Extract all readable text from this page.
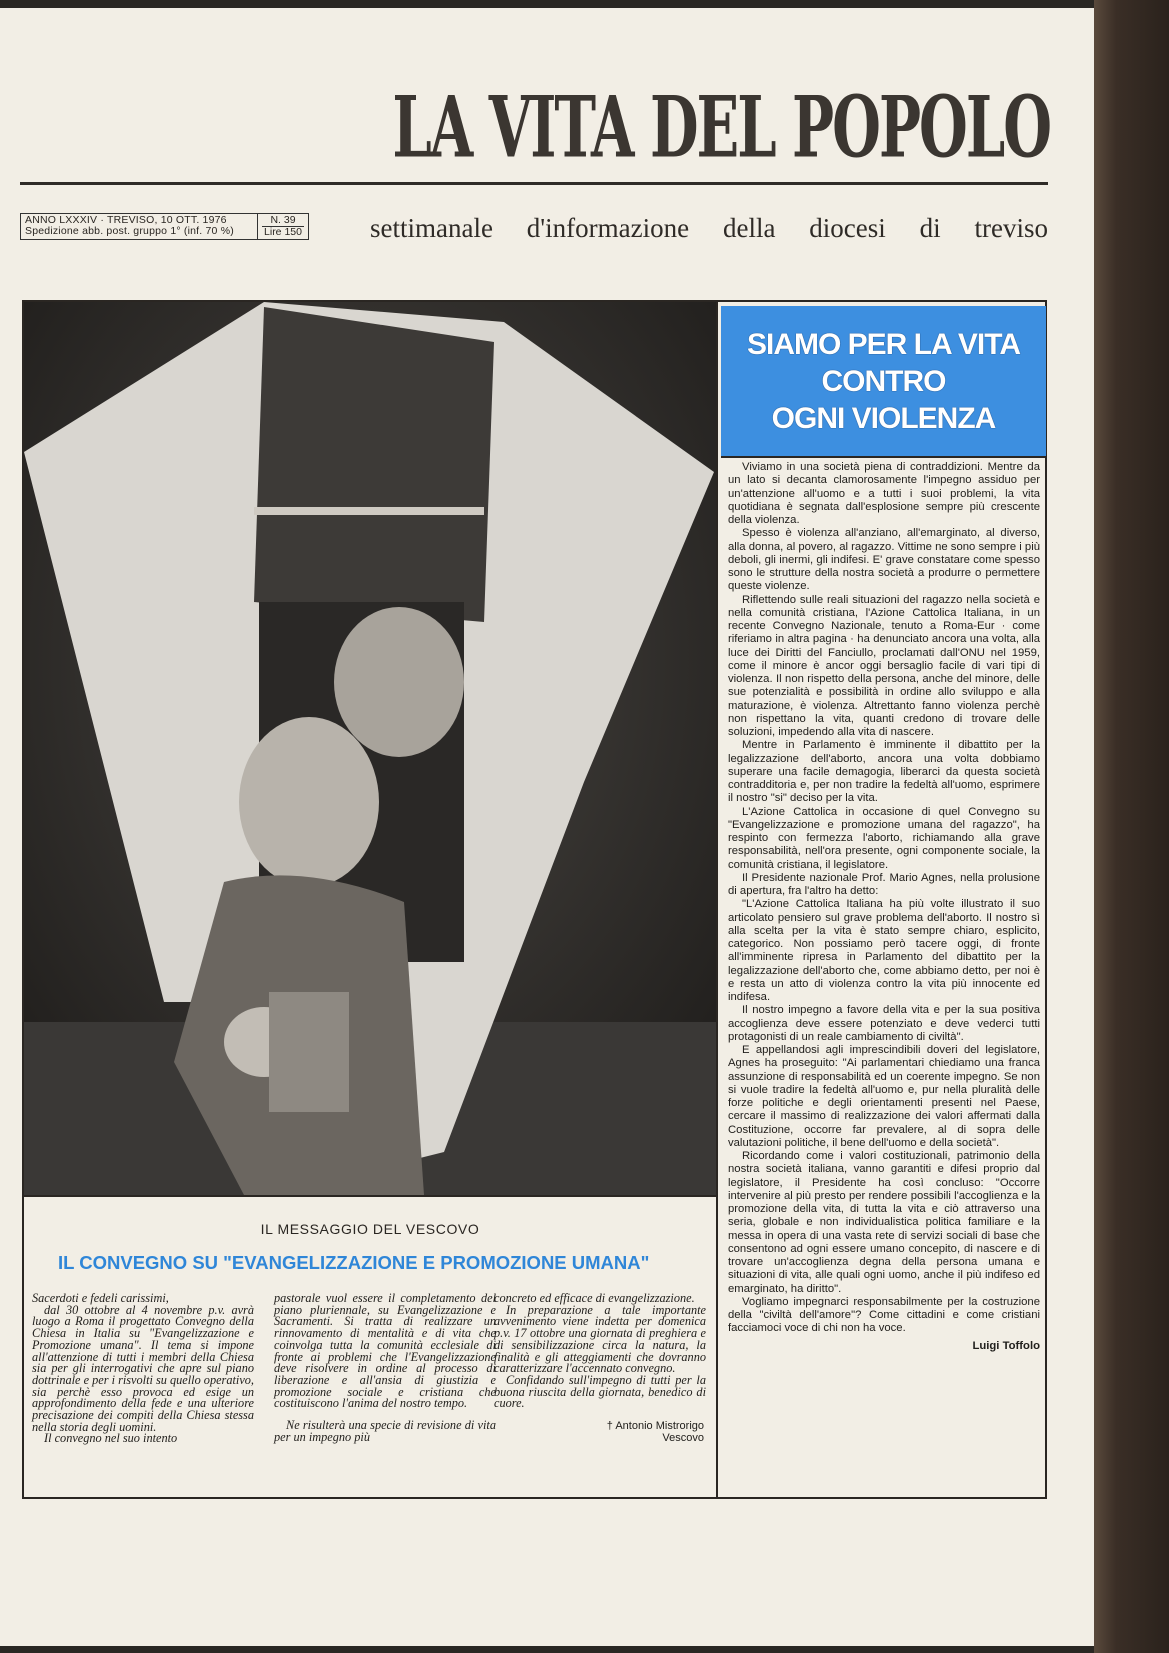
LA VITA DEL POPOLO
ANNO LXXXIV · TREVISO, 10 OTT. 1976
Spedizione abb. post. gruppo 1° (inf. 70 %)
N. 39
Lire 150	settimanale d'informazione della diocesi di treviso
SIAMO PER LA VITA
CONTRO
OGNI VIOLENZA

Viviamo in una società piena di contraddizioni. Mentre da un lato si decanta clamorosamente l'impegno assiduo per un'attenzione all'uomo e a tutti i suoi problemi, la vita quotidiana è segnata dall'esplosione sempre più crescente della violenza.

Spesso è violenza all'anziano, all'emarginato, al diverso, alla donna, al povero, al ragazzo. Vittime ne sono sempre i più deboli, gli inermi, gli indifesi. E' grave constatare come spesso sono le strutture della nostra società a produrre o permettere queste violenze.

Riflettendo sulle reali situazioni del ragazzo nella società e nella comunità cristiana, l'Azione Cattolica Italiana, in un recente Convegno Nazionale, tenuto a Roma-Eur · come riferiamo in altra pagina · ha denunciato ancora una volta, alla luce dei Diritti del Fanciullo, proclamati dall'ONU nel 1959, come il minore è ancor oggi bersaglio facile di vari tipi di violenza. Il non rispetto della persona, anche del minore, delle sue potenzialità e possibilità in ordine allo sviluppo e alla maturazione, è violenza. Altrettanto fanno violenza perchè non rispettano la vita, quanti credono di trovare delle soluzioni, impedendo alla vita di nascere.

Mentre in Parlamento è imminente il dibattito per la legalizzazione dell'aborto, ancora una volta dobbiamo superare una facile demagogia, liberarci da questa società contradditoria e, per non tradire la fedeltà all'uomo, esprimere il nostro "si" deciso per la vita.

L'Azione Cattolica in occasione di quel Convegno su "Evangelizzazione e promozione umana del ragazzo", ha respinto con fermezza l'aborto, richiamando alla grave responsabilità, nell'ora presente, ogni componente sociale, la comunità cristiana, il legislatore.

Il Presidente nazionale Prof. Mario Agnes, nella prolusione di apertura, fra l'altro ha detto:

"L'Azione Cattolica Italiana ha più volte illustrato il suo articolato pensiero sul grave problema dell'aborto. Il nostro sì alla scelta per la vita è stato sempre chiaro, esplicito, categorico. Non possiamo però tacere oggi, di fronte all'imminente ripresa in Parlamento del dibattito per la legalizzazione dell'aborto che, come abbiamo detto, per noi è e resta un atto di violenza contro la vita più innocente ed indifesa.

Il nostro impegno a favore della vita e per la sua positiva accoglienza deve essere potenziato e deve vederci tutti protagonisti di un reale cambiamento di civiltà".

E appellandosi agli imprescindibili doveri del legislatore, Agnes ha proseguito: "Ai parlamentari chiediamo una franca assunzione di responsabilità ed un coerente impegno. Se non si vuole tradire la fedeltà all'uomo e, pur nella pluralità delle forze politiche e degli orientamenti presenti nel Paese, cercare il massimo di realizzazione dei valori affermati dalla Costituzione, occorre far prevalere, al di sopra delle valutazioni politiche, il bene dell'uomo e della società".

Ricordando come i valori costituzionali, patrimonio della nostra società italiana, vanno garantiti e difesi proprio dal legislatore, il Presidente ha così concluso: "Occorre intervenire al più presto per rendere possibili l'accoglienza e la promozione della vita, di tutta la vita e ciò attraverso una seria, globale e non individualistica politica familiare e la messa in opera di una vasta rete di servizi sociali di base che consentono ad ogni essere umano concepito, di nascere e di trovare un'accoglienza degna della persona umana e situazioni di vita, alle quali ogni uomo, anche il più indifeso ed emarginato, ha diritto".

Vogliamo impegnarci responsabilmente per la costruzione della "civiltà dell'amore"? Come cittadini e come cristiani facciamoci voce di chi non ha voce.

Luigi Toffolo
IL MESSAGGIO DEL VESCOVO
IL CONVEGNO SU "EVANGELIZZAZIONE E PROMOZIONE UMANA"

Sacerdoti e fedeli carissimi,

dal 30 ottobre al 4 novembre p.v. avrà luogo a Roma il progettato Convegno della Chiesa in Italia su "Evangelizzazione e Promozione umana". Il tema si impone all'attenzione di tutti i membri della Chiesa sia per gli interrogativi che apre sul piano dottrinale e per i risvolti su quello operativo, sia perchè esso provoca ed esige un approfondimento della fede e una ulteriore precisazione dei compiti della Chiesa stessa nella storia degli uomini.

Il convegno nel suo intento

pastorale vuol essere il completamento del piano pluriennale, su Evangelizzazione e Sacramenti. Si tratta di realizzare un rinnovamento di mentalità e di vita che coinvolga tutta la comunità ecclesiale di fronte ai problemi che l'Evangelizzazione deve risolvere in ordine al processo di liberazione e all'ansia di giustizia e promozione sociale e cristiana che costituiscono l'anima del nostro tempo.

Ne risulterà una specie di revisione di vita per un impegno più

concreto ed efficace di evangelizzazione.

In preparazione a tale importante avvenimento viene indetta per domenica p.v. 17 ottobre una giornata di preghiera e di sensibilizzazione circa la natura, la finalità e gli atteggiamenti che dovranno caratterizzare l'accennato convegno.

Confidando sull'impegno di tutti per la buona riuscita della giornata, benedico di cuore.

† Antonio Mistrorigo
Vescovo
